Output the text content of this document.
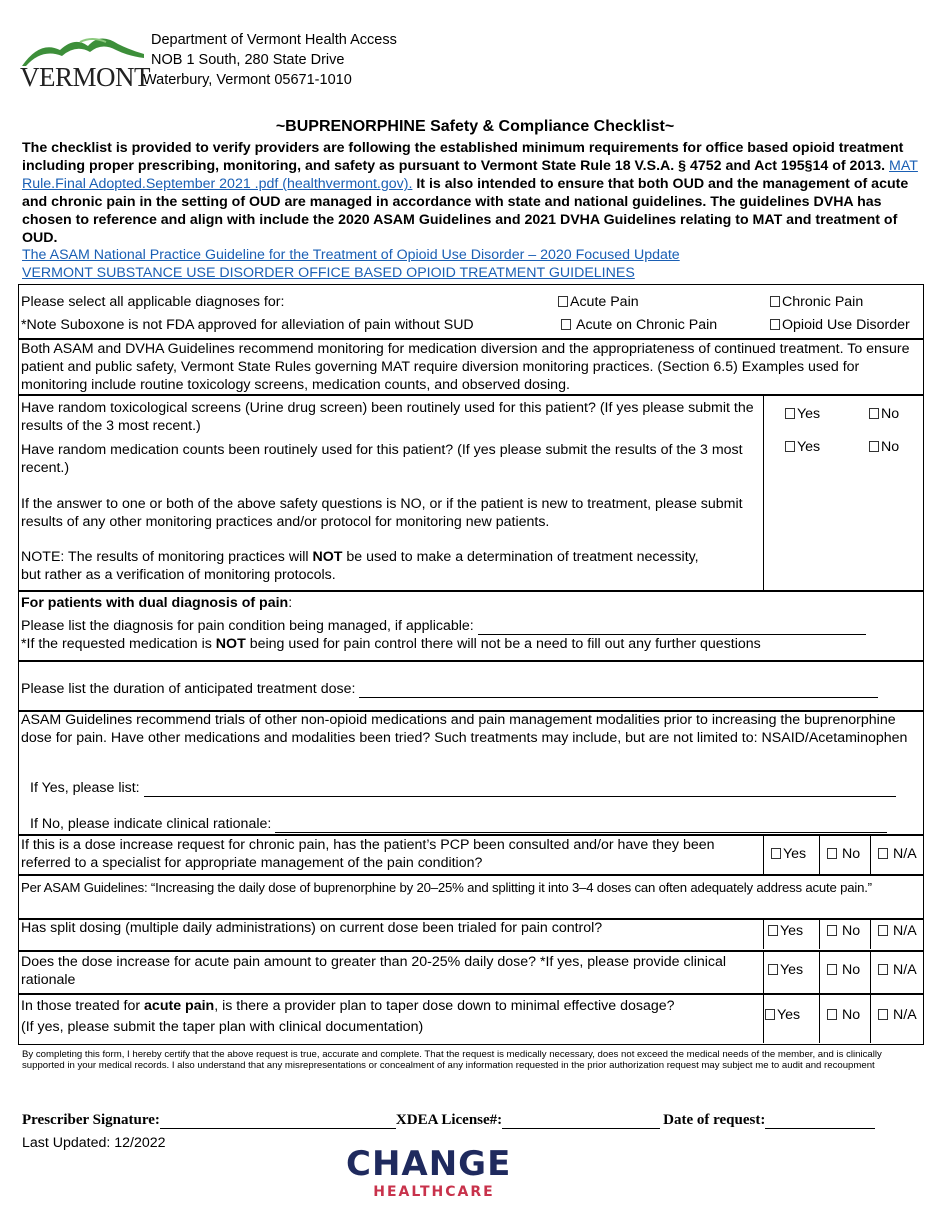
VERMONT
Department of Vermont Health Access
NOB 1 South, 280 State Drive
Waterbury, Vermont 05671-1010
~BUPRENORPHINE Safety & Compliance Checklist~
The checklist is provided to verify providers are following the established minimum requirements for office based opioid treatment including proper prescribing, monitoring, and safety as pursuant to Vermont State Rule 18 V.S.A. § 4752 and Act 195§14 of 2013. MAT Rule.Final Adopted.September 2021 .pdf (healthvermont.gov). It is also intended to ensure that both OUD and the management of acute and chronic pain in the setting of OUD are managed in accordance with state and national guidelines. The guidelines DVHA has chosen to reference and align with include the 2020 ASAM Guidelines and 2021 DVHA Guidelines relating to MAT and treatment of OUD.
The ASAM National Practice Guideline for the Treatment of Opioid Use Disorder – 2020 Focused Update
VERMONT SUBSTANCE USE DISORDER OFFICE BASED OPIOID TREATMENT GUIDELINES
Please select all applicable diagnoses for:
*Note Suboxone is not FDA approved for alleviation of pain without SUD
Acute Pain	Chronic Pain
Acute on Chronic Pain	Opioid Use Disorder
Both ASAM and DVHA Guidelines recommend monitoring for medication diversion and the appropriateness of continued treatment. To ensure patient and public safety, Vermont State Rules governing MAT require diversion monitoring practices. (Section 6.5) Examples used for monitoring include routine toxicology screens, medication counts, and observed dosing.
Have random toxicological screens (Urine drug screen) been routinely used for this patient? (If yes please submit the results of the 3 most recent.)
Have random medication counts been routinely used for this patient? (If yes please submit the results of the 3 most recent.)
If the answer to one or both of the above safety questions is NO, or if the patient is new to treatment, please submit results of any other monitoring practices and/or protocol for monitoring new patients.
NOTE: The results of monitoring practices will NOT be used to make a determination of treatment necessity, but rather as a verification of monitoring protocols.
Yes	No
Yes	No
For patients with dual diagnosis of pain:
Please list the diagnosis for pain condition being managed, if applicable:
*If the requested medication is NOT being used for pain control there will not be a need to fill out any further questions
Please list the duration of anticipated treatment dose:
ASAM Guidelines recommend trials of other non-opioid medications and pain management modalities prior to increasing the buprenorphine dose for pain. Have other medications and modalities been tried? Such treatments may include, but are not limited to: NSAID/Acetaminophen
If Yes, please list:
If No, please indicate clinical rationale:
If this is a dose increase request for chronic pain, has the patient’s PCP been consulted and/or have they been referred to a specialist for appropriate management of the pain condition?
Yes	No	N/A
Per ASAM Guidelines: “Increasing the daily dose of buprenorphine by 20–25% and splitting it into 3–4 doses can often adequately address acute pain.”
Has split dosing (multiple daily administrations) on current dose been trialed for pain control?	Yes	No	N/A
Does the dose increase for acute pain amount to greater than 20-25% daily dose? *If yes, please provide clinical rationale
Yes	No	N/A
In those treated for acute pain, is there a provider plan to taper dose down to minimal effective dosage?
(If yes, please submit the taper plan with clinical documentation)
Yes	No	N/A
By completing this form, I hereby certify that the above request is true, accurate and complete. That the request is medically necessary, does not exceed the medical needs of the member, and is clinically supported in your medical records. I also understand that any misrepresentations or concealment of any information requested in the prior authorization request may subject me to audit and recoupment
Prescriber Signature:	XDEA License#:	Date of request:
Last Updated: 12/2022
CHANGE
HEALTHCARE
